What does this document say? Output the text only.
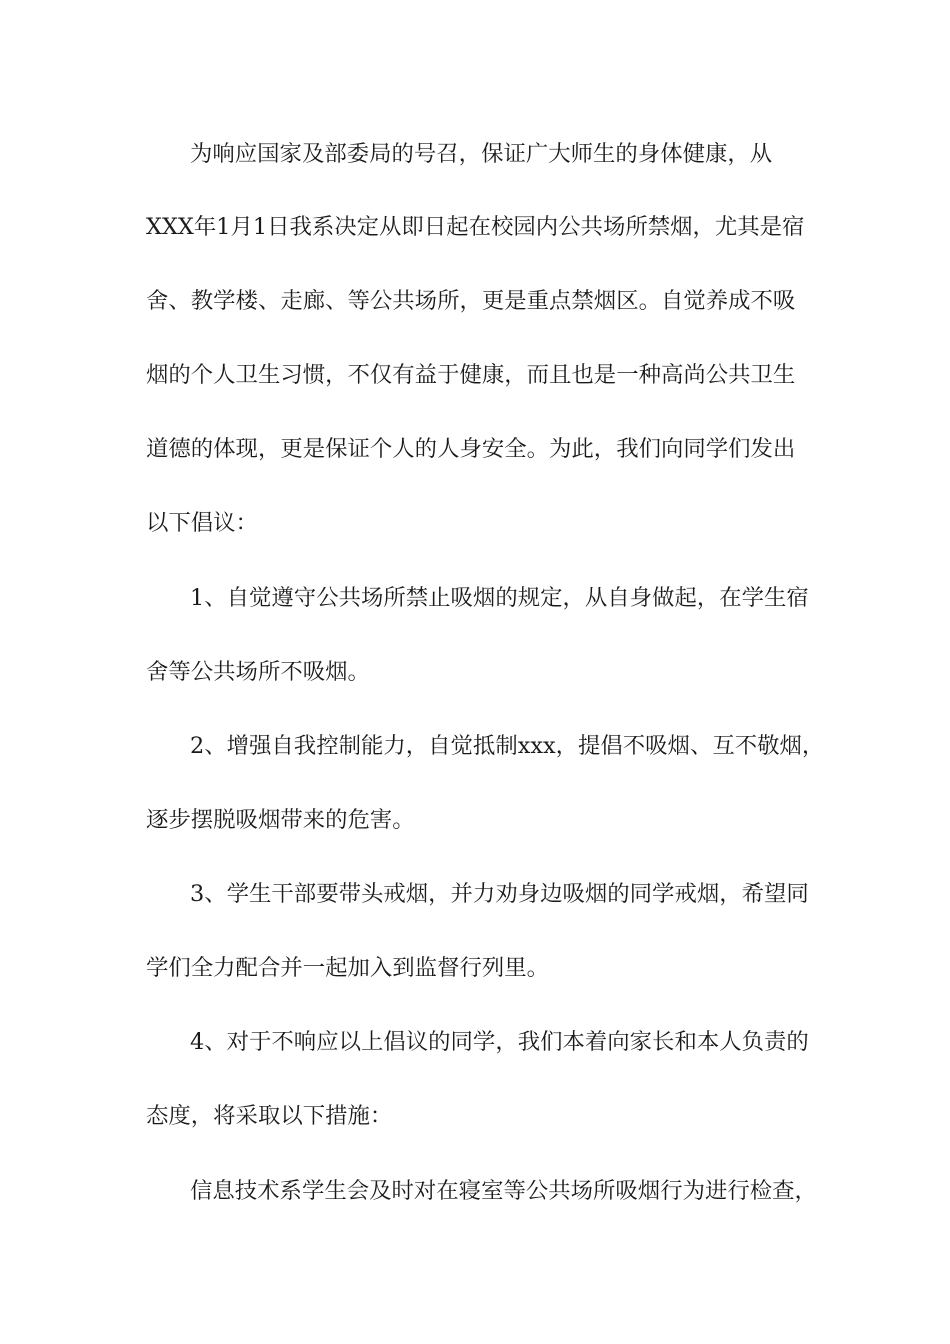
为响应国家及部委局的号召，保证广大师生的身体健康，从
XXX年1月1日我系决定从即日起在校园内公共场所禁烟，尤其是宿
舍、教学楼、走廊、等公共场所，更是重点禁烟区。自觉养成不吸
烟的个人卫生习惯，不仅有益于健康，而且也是一种高尚公共卫生
道德的体现，更是保证个人的人身安全。为此，我们向同学们发出
以下倡议：
1、自觉遵守公共场所禁止吸烟的规定，从自身做起，在学生宿
舍等公共场所不吸烟。
2、增强自我控制能力，自觉抵制xxx，提倡不吸烟、互不敬烟，
逐步摆脱吸烟带来的危害。
3、学生干部要带头戒烟，并力劝身边吸烟的同学戒烟，希望同
学们全力配合并一起加入到监督行列里。
4、对于不响应以上倡议的同学，我们本着向家长和本人负责的
态度，将采取以下措施：
信息技术系学生会及时对在寝室等公共场所吸烟行为进行检查，
